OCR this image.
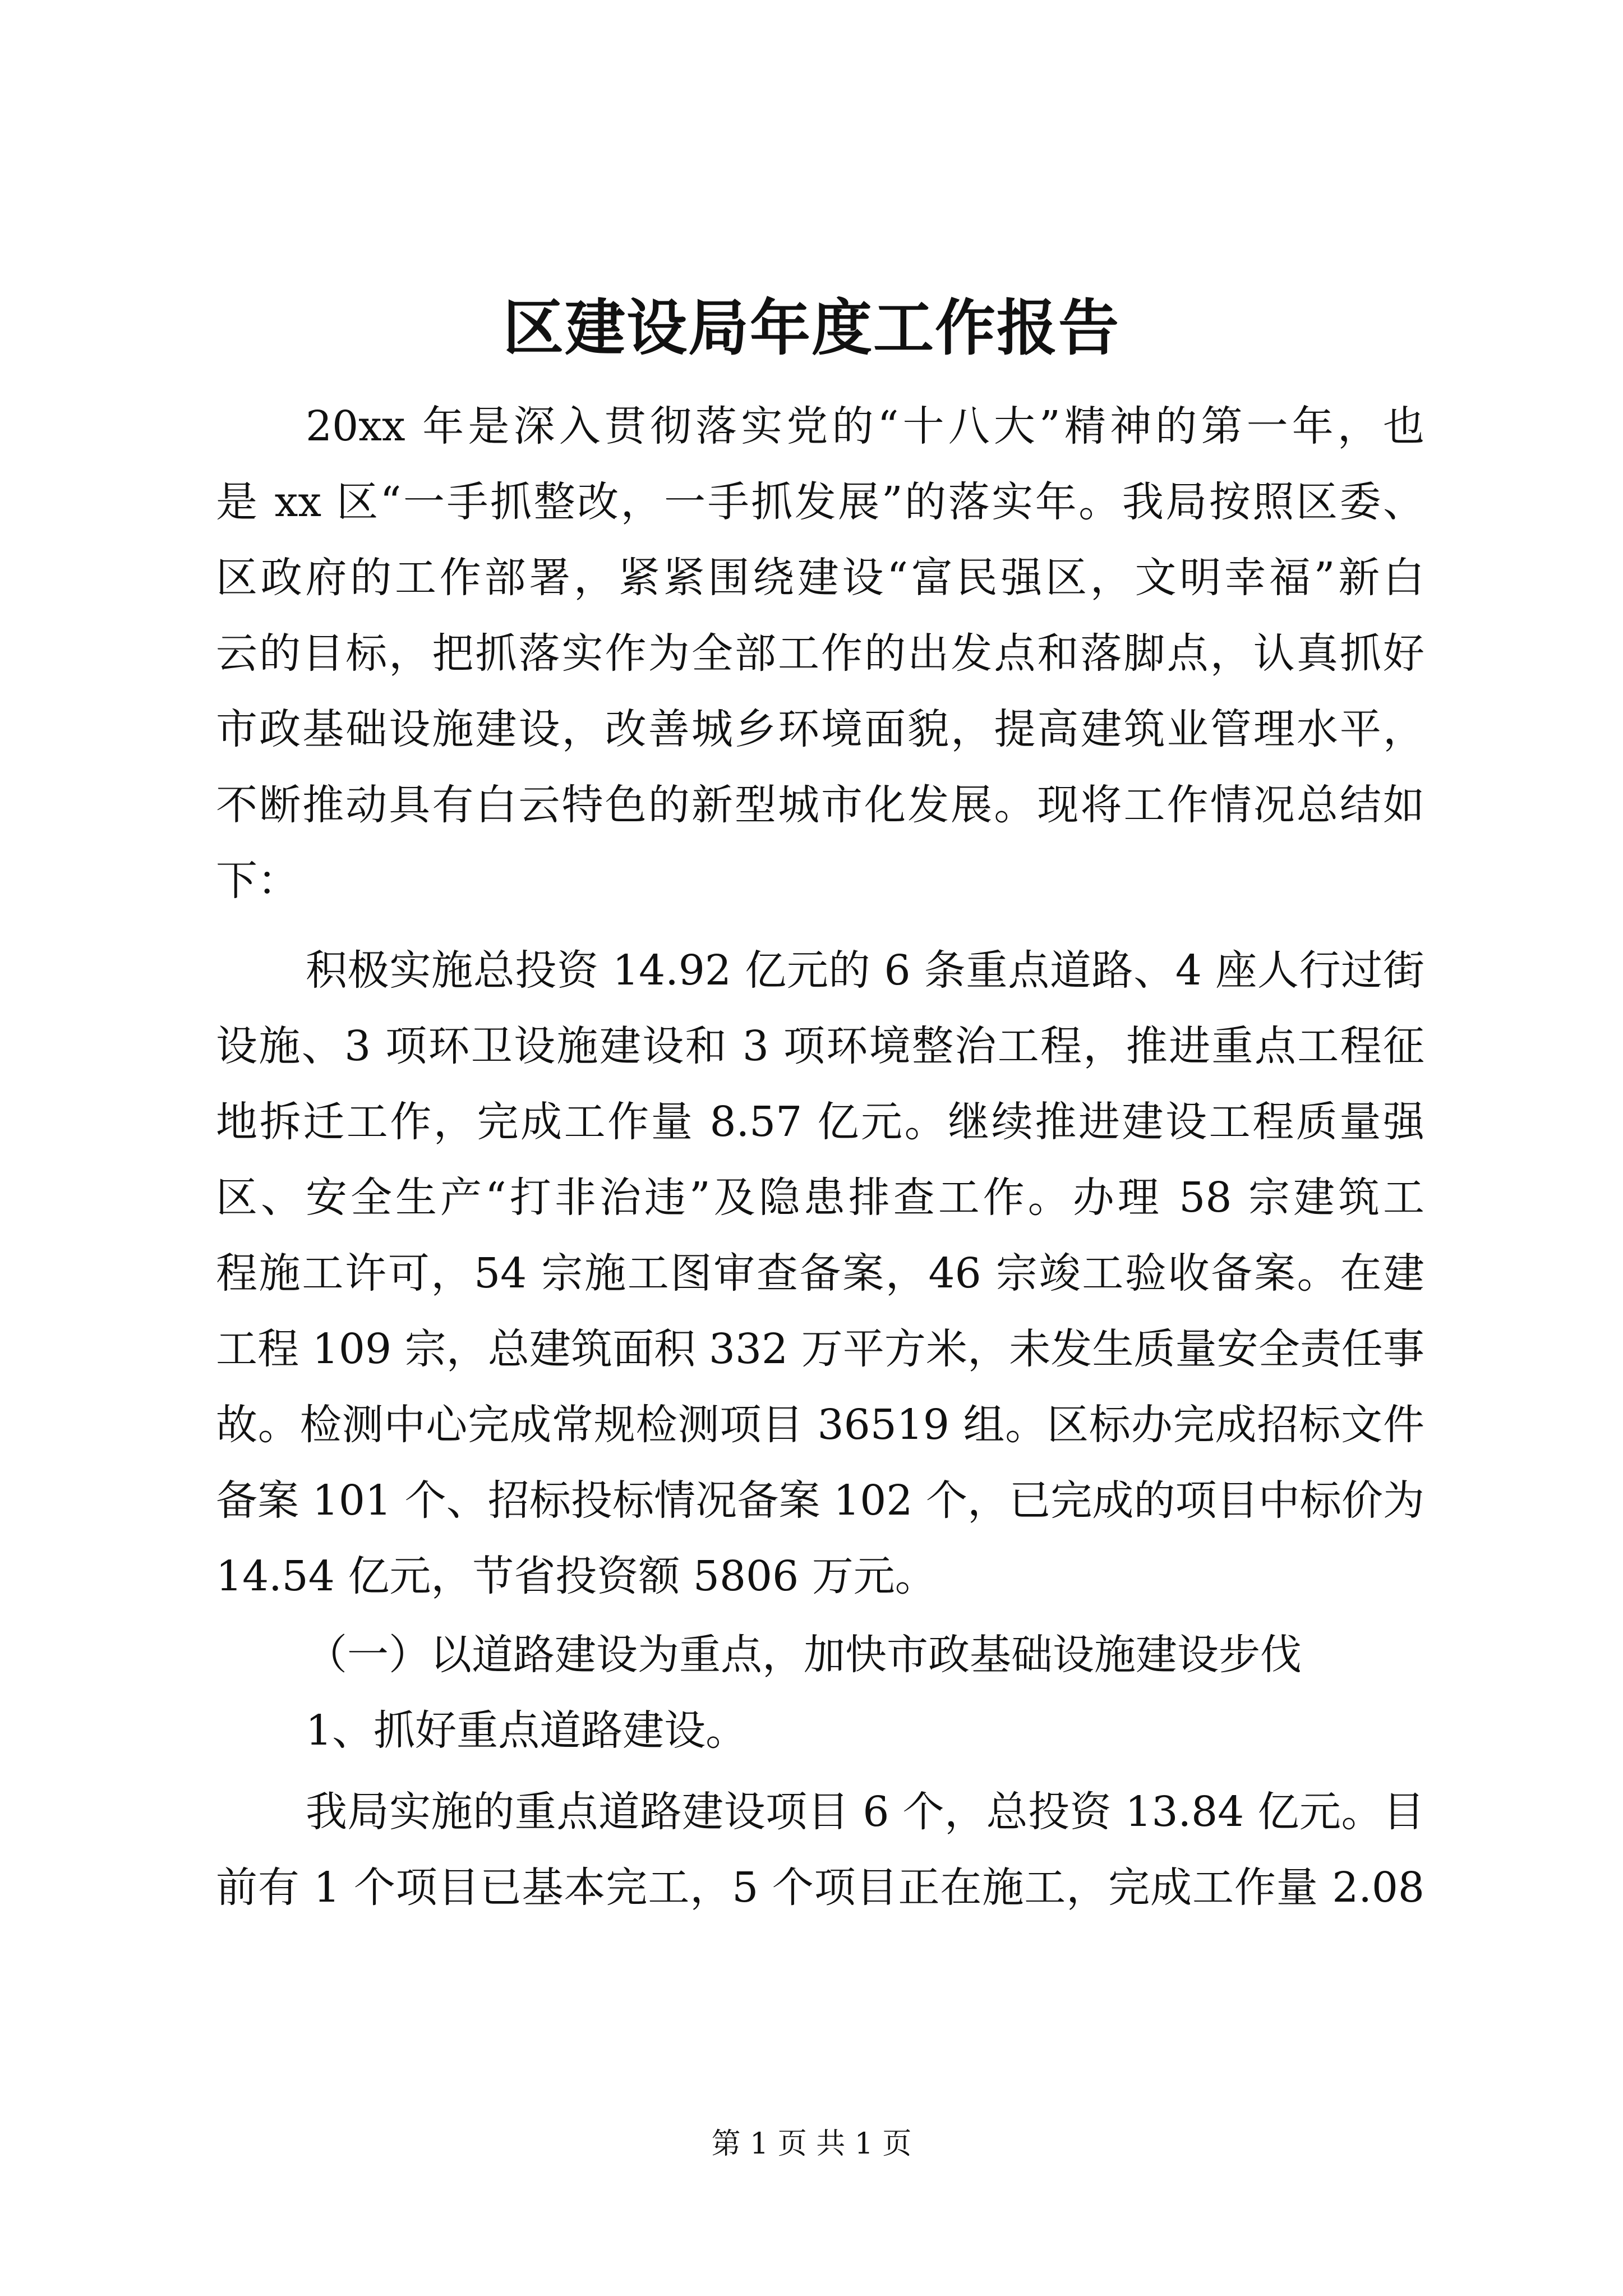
区建设局年度工作报告
20xx 年是深入贯彻落实党的“十八大”精神的第一年，也
是 xx 区“一手抓整改，一手抓发展”的落实年。我局按照区委、
区政府的工作部署，紧紧围绕建设“富民强区，文明幸福”新白
云的目标，把抓落实作为全部工作的出发点和落脚点，认真抓好
市政基础设施建设，改善城乡环境面貌，提高建筑业管理水平，
不断推动具有白云特色的新型城市化发展。现将工作情况总结如
下：
积极实施总投资 14.92 亿元的 6 条重点道路、4 座人行过街
设施、3 项环卫设施建设和 3 项环境整治工程，推进重点工程征
地拆迁工作，完成工作量 8.57 亿元。继续推进建设工程质量强
区、安全生产“打非治违”及隐患排查工作。办理 58 宗建筑工
程施工许可，54 宗施工图审查备案，46 宗竣工验收备案。在建
工程 109 宗，总建筑面积 332 万平方米，未发生质量安全责任事
故。检测中心完成常规检测项目 36519 组。区标办完成招标文件
备案 101 个、招标投标情况备案 102 个，已完成的项目中标价为
14.54 亿元，节省投资额 5806 万元。
（一）以道路建设为重点，加快市政基础设施建设步伐
1、抓好重点道路建设。
我局实施的重点道路建设项目 6 个，总投资 13.84 亿元。目
前有 1 个项目已基本完工，5 个项目正在施工，完成工作量 2.08
第 1 页 共 1 页
